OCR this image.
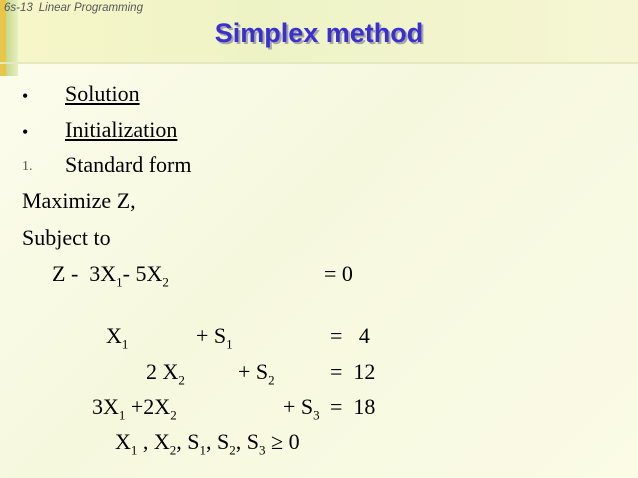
6s-13 Linear Programming
Simplex method
• Solution
• Initialization
1. Standard form
Maximize Z,
Subject to
Z -  $3X_1-$ $5X_2$	= 0
$X_1$	+ $S_1$	=   4
2 $X_2 + S_2$	=  12
$3X_1 +2X_2$	+ $S_3 = 18$
$X_1$ , $X_2$, $S_1$, $S_2$, $S_3 \ge 0$
